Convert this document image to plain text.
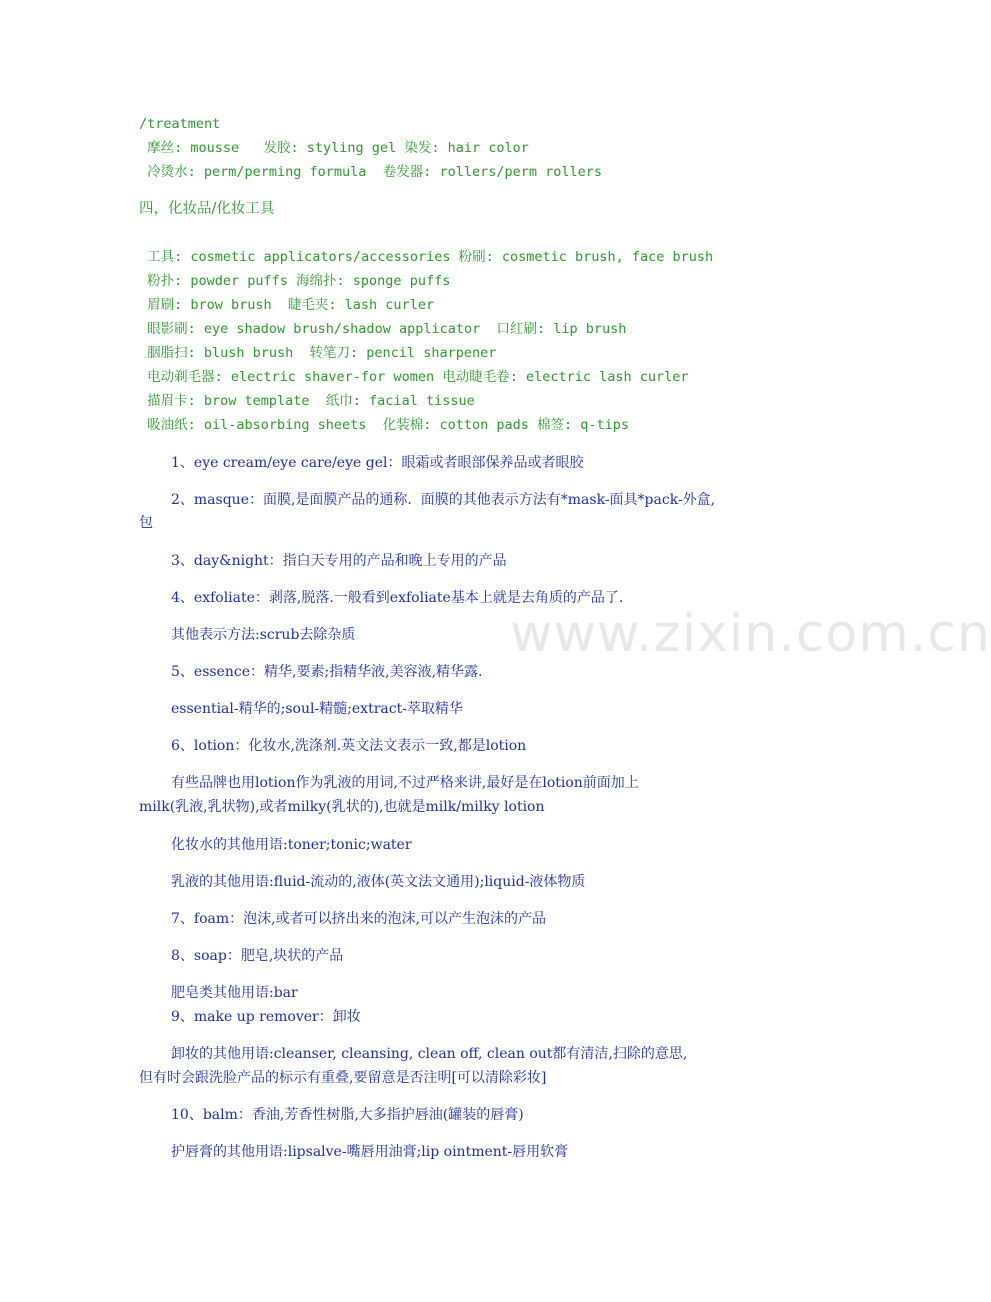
/treatment
摩丝: mousse   发胶: styling gel 染发: hair color
冷烫水: perm/perming formula  卷发器: rollers/perm rollers
四，化妆品/化妆工具
工具: cosmetic applicators/accessories 粉刷: cosmetic brush, face brush
粉扑: powder puffs 海绵扑: sponge puffs
眉刷: brow brush  睫毛夹: lash curler
眼影刷: eye shadow brush/shadow applicator  口红刷: lip brush
胭脂扫: blush brush  转笔刀: pencil sharpener
电动剃毛器: electric shaver-for women 电动睫毛卷: electric lash curler
描眉卡: brow template  纸巾: facial tissue
吸油纸: oil-absorbing sheets  化装棉: cotton pads 棉签: q-tips
1、eye cream/eye care/eye gel：眼霜或者眼部保养品或者眼胶
2、masque：面膜,是面膜产品的通称.  面膜的其他表示方法有*mask-面具*pack-外盒,
包
3、day&night：指白天专用的产品和晚上专用的产品
4、exfoliate：剥落,脱落.一般看到exfoliate基本上就是去角质的产品了.
其他表示方法:scrub去除杂质
5、essence：精华,要素;指精华液,美容液,精华露.
essential-精华的;soul-精髓;extract-萃取精华
6、lotion：化妆水,洗涤剂.英文法文表示一致,都是lotion
有些品牌也用lotion作为乳液的用词,不过严格来讲,最好是在lotion前面加上
milk(乳液,乳状物),或者milky(乳状的),也就是milk/milky lotion
化妆水的其他用语:toner;tonic;water
乳液的其他用语:fluid-流动的,液体(英文法文通用);liquid-液体物质
7、foam：泡沫,或者可以挤出来的泡沫,可以产生泡沫的产品
8、soap：肥皂,块状的产品
肥皂类其他用语:bar
9、make up remover：卸妆
卸妆的其他用语:cleanser, cleansing, clean off, clean out都有清洁,扫除的意思,
但有时会跟洗脸产品的标示有重叠,要留意是否注明[可以清除彩妆]
10、balm：香油,芳香性树脂,大多指护唇油(罐装的唇膏)
护唇膏的其他用语:lipsalve-嘴唇用油膏;lip ointment-唇用软膏
www.zixin.com.cn
